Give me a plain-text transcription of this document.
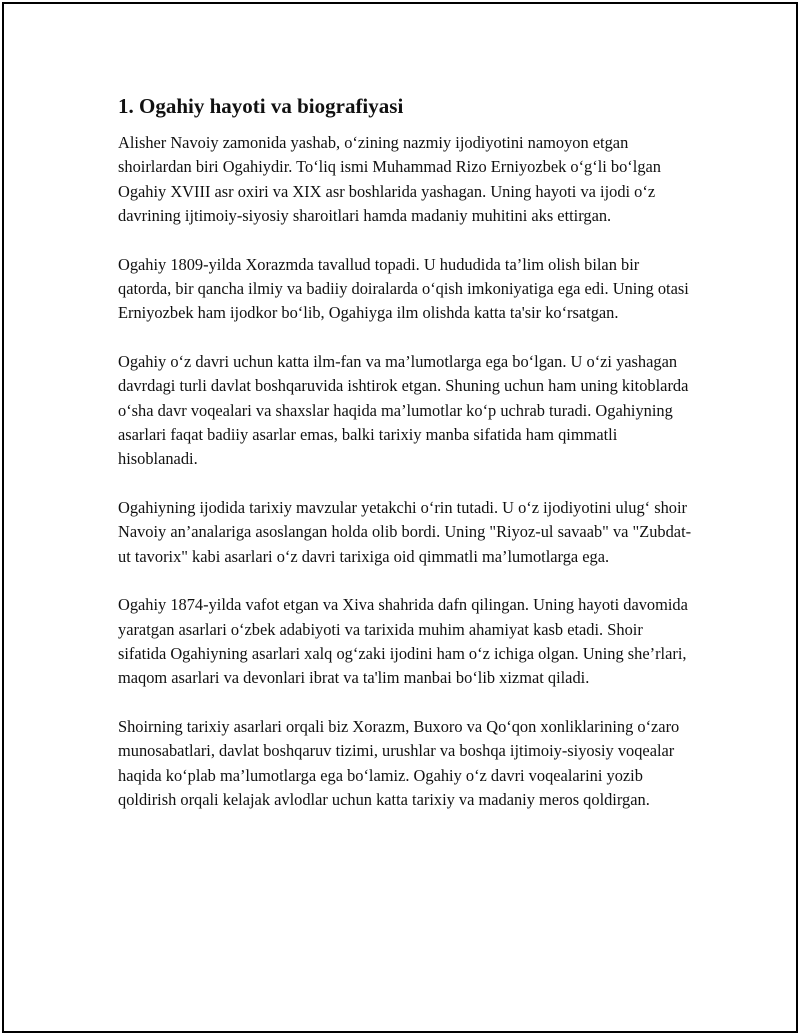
1. Ogahiy hayoti va biografiyasi

Alisher Navoiy zamonida yashab, o‘zining nazmiy ijodiyotini namoyon etgan shoirlardan biri Ogahiydir. To‘liq ismi Muhammad Rizo Erniyozbek o‘g‘li bo‘lgan Ogahiy XVIII asr oxiri va XIX asr boshlarida yashagan. Uning hayoti va ijodi o‘z davrining ijtimoiy-siyosiy sharoitlari hamda madaniy muhitini aks ettirgan.

Ogahiy 1809-yilda Xorazmda tavallud topadi. U hududida ta’lim olish bilan bir qatorda, bir qancha ilmiy va badiiy doiralarda o‘qish imkoniyatiga ega edi. Uning otasi Erniyozbek ham ijodkor bo‘lib, Ogahiyga ilm olishda katta ta'sir ko‘rsatgan.

Ogahiy o‘z davri uchun katta ilm-fan va ma’lumotlarga ega bo‘lgan. U o‘zi yashagan davrdagi turli davlat boshqaruvida ishtirok etgan. Shuning uchun ham uning kitoblarda o‘sha davr voqealari va shaxslar haqida ma’lumotlar ko‘p uchrab turadi. Ogahiyning asarlari faqat badiiy asarlar emas, balki tarixiy manba sifatida ham qimmatli hisoblanadi.

Ogahiyning ijodida tarixiy mavzular yetakchi o‘rin tutadi. U o‘z ijodiyotini ulug‘ shoir Navoiy an’analariga asoslangan holda olib bordi. Uning "Riyoz-ul savaab" va "Zubdat-ut tavorix" kabi asarlari o‘z davri tarixiga oid qimmatli ma’lumotlarga ega.

Ogahiy 1874-yilda vafot etgan va Xiva shahrida dafn qilingan. Uning hayoti davomida yaratgan asarlari o‘zbek adabiyoti va tarixida muhim ahamiyat kasb etadi. Shoir sifatida Ogahiyning asarlari xalq og‘zaki ijodini ham o‘z ichiga olgan. Uning she’rlari, maqom asarlari va devonlari ibrat va ta'lim manbai bo‘lib xizmat qiladi.

Shoirning tarixiy asarlari orqali biz Xorazm, Buxoro va Qo‘qon xonliklarining o‘zaro munosabatlari, davlat boshqaruv tizimi, urushlar va boshqa ijtimoiy-siyosiy voqealar haqida ko‘plab ma’lumotlarga ega bo‘lamiz. Ogahiy o‘z davri voqealarini yozib qoldirish orqali kelajak avlodlar uchun katta tarixiy va madaniy meros qoldirgan.
